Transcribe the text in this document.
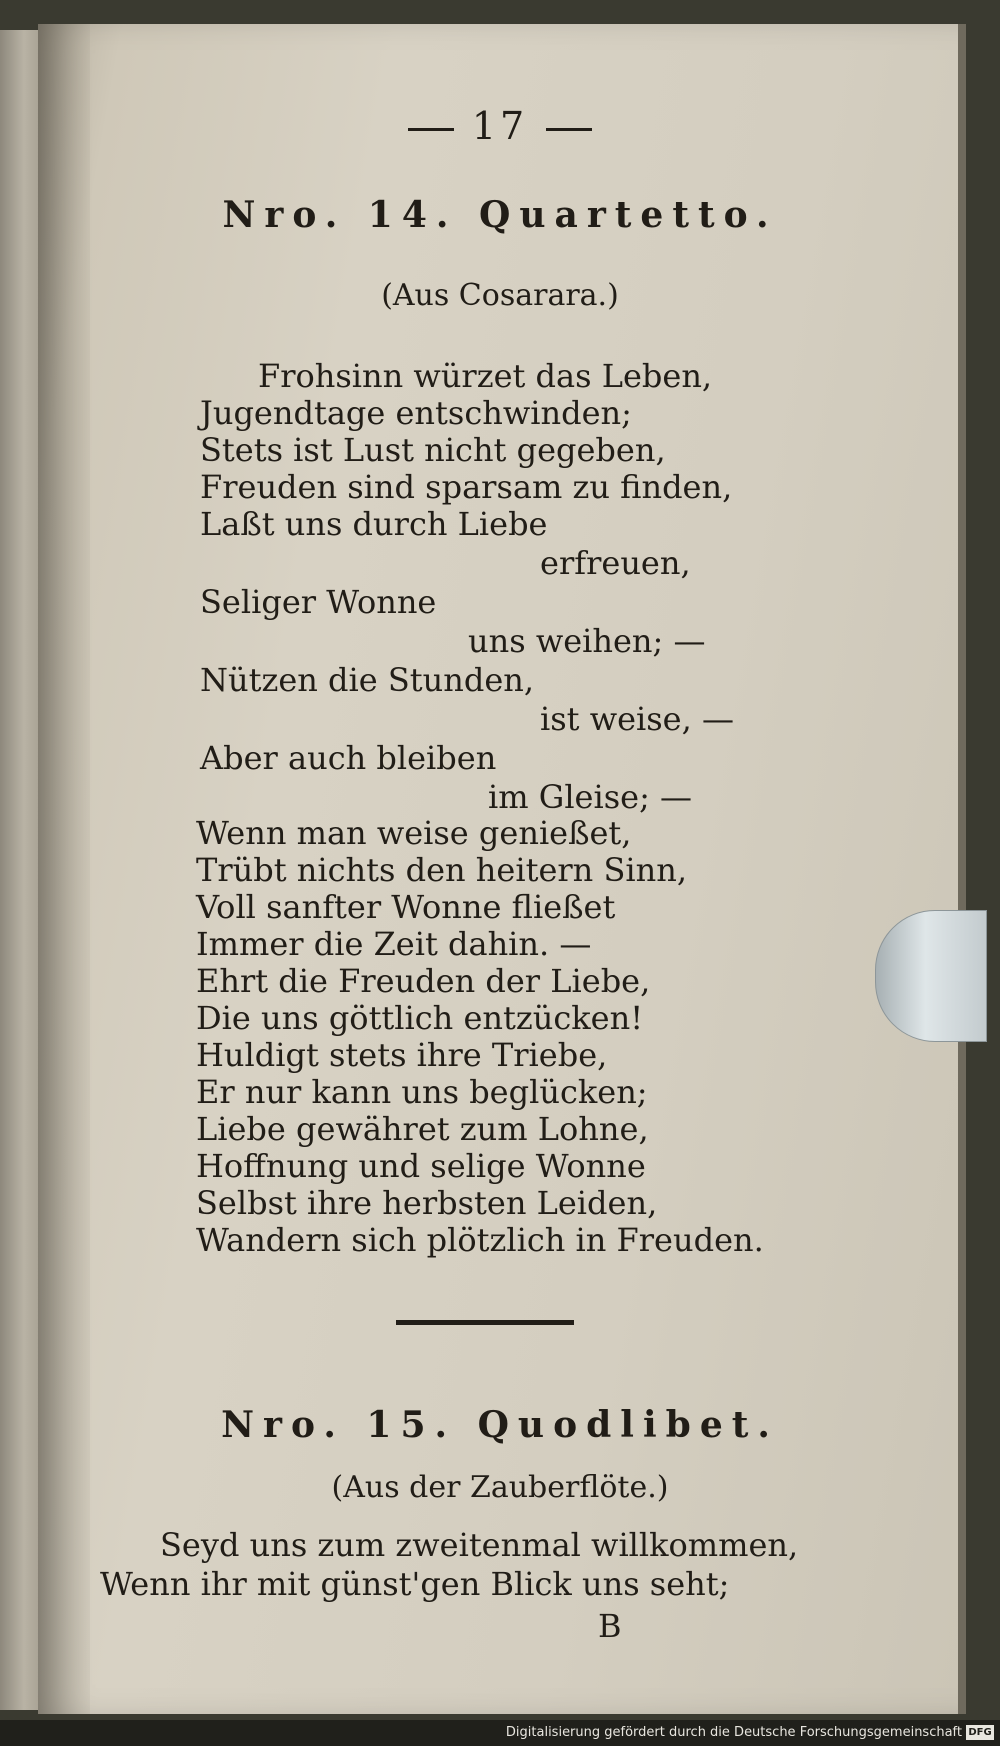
17
Nro. 14. Quartetto.
(Aus Cosarara.)
Frohsinn würzet das Leben,
Jugendtage entschwinden;
Stets ist Lust nicht gegeben,
Freuden sind sparsam zu finden,
Laßt uns durch Liebe
erfreuen,
Seliger Wonne
uns weihen; —
Nützen die Stunden,
ist weise, —
Aber auch bleiben
im Gleise; —
Wenn man weise genießet,
Trübt nichts den heitern Sinn,
Voll sanfter Wonne fließet
Immer die Zeit dahin. —
Ehrt die Freuden der Liebe,
Die uns göttlich entzücken!
Huldigt stets ihre Triebe,
Er nur kann uns beglücken;
Liebe gewähret zum Lohne,
Hoffnung und selige Wonne
Selbst ihre herbsten Leiden,
Wandern sich plötzlich in Freuden.
Nro. 15. Quodlibet.
(Aus der Zauberflöte.)
Seyd uns zum zweitenmal willkommen,
Wenn ihr mit günst'gen Blick uns seht;
B
Digitalisierung gefördert durch die Deutsche Forschungsgemeinschaft DFG
